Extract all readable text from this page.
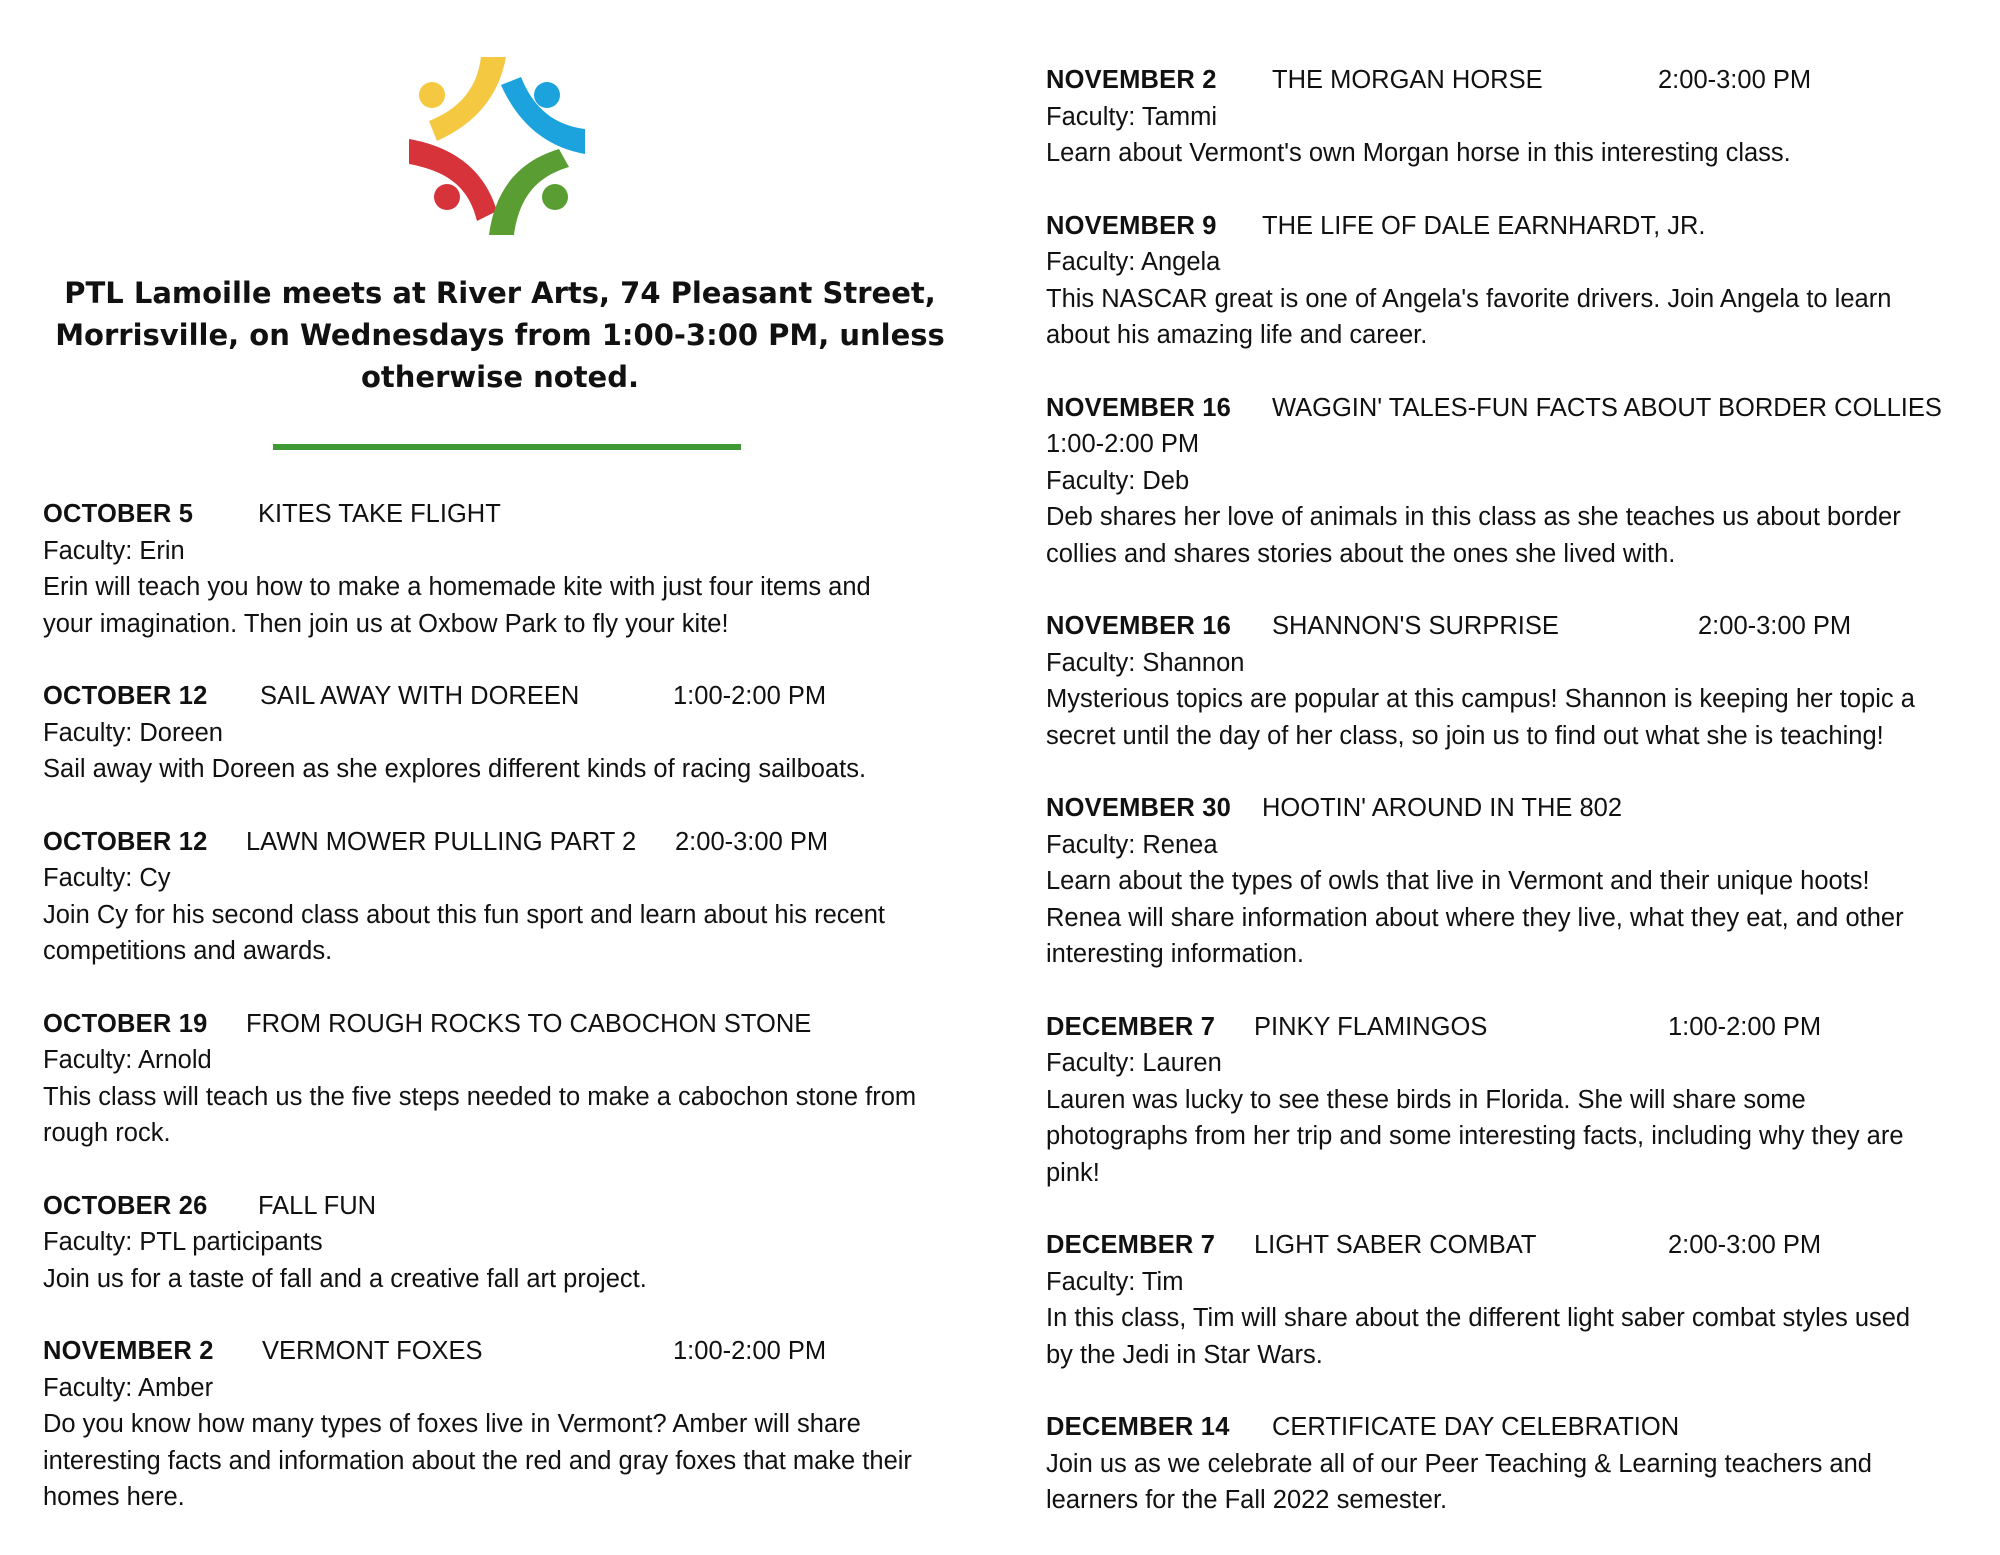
PTL Lamoille meets at River Arts, 74 Pleasant Street,
Morrisville, on Wednesdays from 1:00-3:00 PM, unless
otherwise noted.
OCTOBER 5	KITES TAKE FLIGHT
Faculty: Erin
Erin will teach you how to make a homemade kite with just four items and
your imagination. Then join us at Oxbow Park to fly your kite!
OCTOBER 12 SAIL AWAY WITH DOREEN	1:00-2:00 PM
Faculty: Doreen
Sail away with Doreen as she explores different kinds of racing sailboats.
OCTOBER 12 LAWN MOWER PULLING PART 2 2:00-3:00 PM
Faculty: Cy
Join Cy for his second class about this fun sport and learn about his recent
competitions and awards.
OCTOBER 19 FROM ROUGH ROCKS TO CABOCHON STONE
Faculty: Arnold
This class will teach us the five steps needed to make a cabochon stone from
rough rock.
OCTOBER 26 FALL FUN
Faculty: PTL participants
Join us for a taste of fall and a creative fall art project.
NOVEMBER 2 VERMONT FOXES	1:00-2:00 PM
Faculty: Amber
Do you know how many types of foxes live in Vermont? Amber will share
interesting facts and information about the red and gray foxes that make their
homes here.
NOVEMBER 2 THE MORGAN HORSE	2:00-3:00 PM
Faculty: Tammi
Learn about Vermont's own Morgan horse in this interesting class.
NOVEMBER 9 THE LIFE OF DALE EARNHARDT, JR.
Faculty: Angela
This NASCAR great is one of Angela's favorite drivers. Join Angela to learn
about his amazing life and career.
NOVEMBER 16 WAGGIN' TALES-FUN FACTS ABOUT BORDER COLLIES
1:00-2:00 PM
Faculty: Deb
Deb shares her love of animals in this class as she teaches us about border
collies and shares stories about the ones she lived with.
NOVEMBER 16 SHANNON'S SURPRISE	2:00-3:00 PM
Faculty: Shannon
Mysterious topics are popular at this campus! Shannon is keeping her topic a
secret until the day of her class, so join us to find out what she is teaching!
NOVEMBER 30 HOOTIN' AROUND IN THE 802
Faculty: Renea
Learn about the types of owls that live in Vermont and their unique hoots!
Renea will share information about where they live, what they eat, and other
interesting information.
DECEMBER 7 PINKY FLAMINGOS	1:00-2:00 PM
Faculty: Lauren
Lauren was lucky to see these birds in Florida. She will share some
photographs from her trip and some interesting facts, including why they are
pink!
DECEMBER 7 LIGHT SABER COMBAT	2:00-3:00 PM
Faculty: Tim
In this class, Tim will share about the different light saber combat styles used
by the Jedi in Star Wars.
DECEMBER 14 CERTIFICATE DAY CELEBRATION
Join us as we celebrate all of our Peer Teaching & Learning teachers and
learners for the Fall 2022 semester.
